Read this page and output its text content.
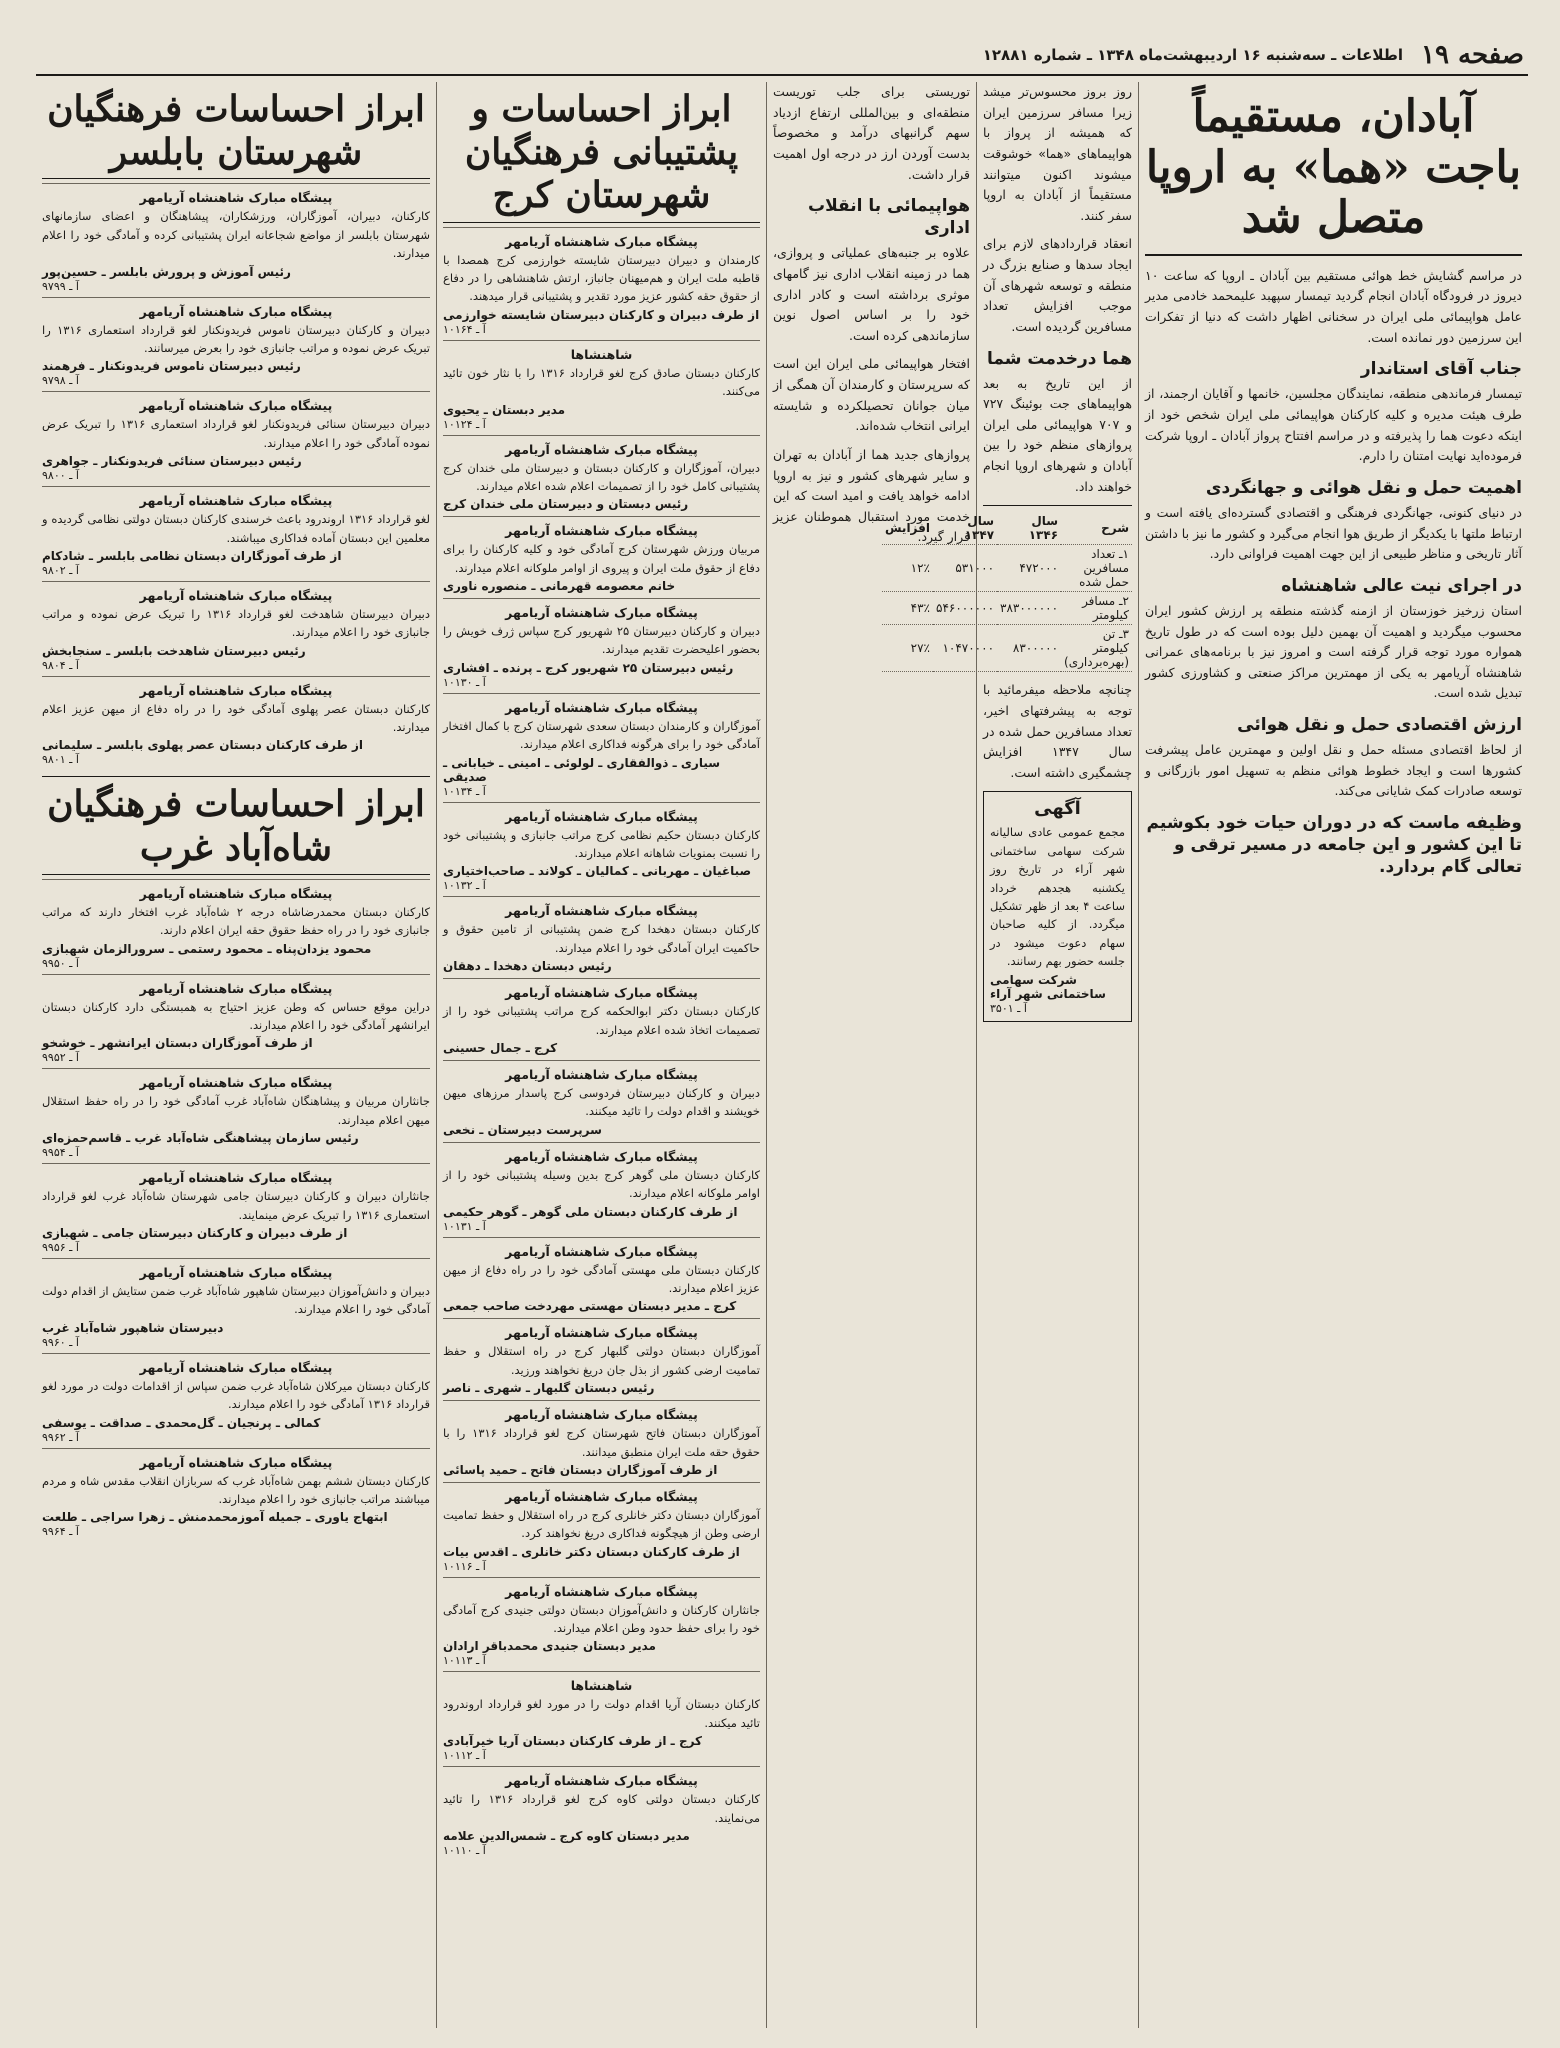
صفحه ۱۹
اطلاعات ـ سه‌شنبه ۱۶ اردیبهشت‌ماه ۱۳۴۸ ـ شماره ۱۲۸۸۱
آبادان، مستقیماً باجت «هما» به اروپا متصل شد

در مراسم گشایش خط هوائی مستقیم بین آبادان ـ اروپا که ساعت ۱۰ دیروز در فرودگاه آبادان انجام گردید تیمسار سپهبد علیمحمد خادمی مدیر عامل هواپیمائی ملی ایران در سخنانی اظهار داشت که دنیا از تفکرات این سرزمین دور نمانده است.

جناب آقای استاندار

تیمسار فرماندهی منطقه، نمایندگان مجلسین، خانمها و آقایان ارجمند، از طرف هیئت مدیره و کلیه کارکنان هواپیمائی ملی ایران شخص خود از اینکه دعوت هما را پذیرفته و در مراسم افتتاح پرواز آبادان ـ اروپا شرکت فرموده‌اید نهایت امتنان را دارم.

اهمیت حمل و نقل هوائی و جهانگردی

در دنیای کنونی، جهانگردی فرهنگی و اقتصادی گسترده‌ای یافته است و ارتباط ملتها با یکدیگر از طریق هوا انجام می‌گیرد و کشور ما نیز با داشتن آثار تاریخی و مناظر طبیعی از این جهت اهمیت فراوانی دارد.

در اجرای نیت عالی شاهنشاه

استان زرخیز خوزستان از ازمنه گذشته منطقه پر ارزش کشور ایران محسوب میگردید و اهمیت آن بهمین دلیل بوده است که در طول تاریخ همواره مورد توجه قرار گرفته است و امروز نیز با برنامه‌های عمرانی شاهنشاه آریامهر به یکی از مهمترین مراکز صنعتی و کشاورزی کشور تبدیل شده است.

ارزش اقتصادی حمل و نقل هوائی

از لحاظ اقتصادی مسئله حمل و نقل اولین و مهمترین عامل پیشرفت کشورها است و ایجاد خطوط هوائی منظم به تسهیل امور بازرگانی و توسعه صادرات کمک شایانی می‌کند.

وظیفه ماست که در دوران حیات خود بکوشیم تا این کشور و این جامعه در مسیر ترقی و تعالی گام بردارد.

روز بروز محسوس‌تر میشد زیرا مسافر سرزمین ایران که همیشه از پرواز با هواپیماهای «هما» خوشوقت میشوند اکنون میتوانند مستقیماً از آبادان به اروپا سفر کنند.

انعقاد قراردادهای لازم برای ایجاد سدها و صنایع بزرگ در منطقه و توسعه شهرهای آن موجب افزایش تعداد مسافرین گردیده است.

هما درخدمت شما

از این تاریخ به بعد هواپیماهای جت بوئینگ ۷۲۷ و ۷۰۷ هواپیمائی ملی ایران پروازهای منظم خود را بین آبادان و شهرهای اروپا انجام خواهند داد.

شرح	سال ۱۳۴۶	سال ۱۳۴۷	افزایش
۱ـ تعداد مسافرین حمل شده	۴۷۲۰۰۰	۵۳۱۰۰۰	۱۲٪
۲ـ مسافر کیلومتر	۳۸۳۰۰۰۰۰۰	۵۴۶۰۰۰۰۰۰	۴۳٪
۳ـ تن کیلومتر (بهره‌برداری)	۸۳۰۰۰۰۰	۱۰۴۷۰۰۰۰	۲۷٪

چنانچه ملاحظه میفرمائید با توجه به پیشرفتهای اخیر، تعداد مسافرین حمل شده در سال ۱۳۴۷ افزایش چشمگیری داشته است.

آگهی

مجمع عمومی عادی سالیانه شرکت سهامی ساختمانی شهر آراء در تاریخ روز یکشنبه هجدهم خرداد ساعت ۴ بعد از ظهر تشکیل میگردد. از کلیه صاحبان سهام دعوت میشود در جلسه حضور بهم رسانند.

شرکت سهامی ساختمانی شهر آراء

آ ـ ۳۵۰۱

توریستی برای جلب توریست منطقه‌ای و بین‌المللی ارتفاع ازدیاد سهم گرانبهای درآمد و مخصوصاً بدست آوردن ارز در درجه اول اهمیت قرار داشت.

هواپیمائی با انقلاب اداری

علاوه بر جنبه‌های عملیاتی و پروازی، هما در زمینه انقلاب اداری نیز گامهای موثری برداشته است و کادر اداری خود را بر اساس اصول نوین سازماندهی کرده است.

افتخار هواپیمائی ملی ایران این است که سرپرستان و کارمندان آن همگی از میان جوانان تحصیلکرده و شایسته ایرانی انتخاب شده‌اند.

پروازهای جدید هما از آبادان به تهران و سایر شهرهای کشور و نیز به اروپا ادامه خواهد یافت و امید است که این خدمت مورد استقبال هموطنان عزیز قرار گیرد.

ابراز احساسات و پشتیبانی فرهنگیان شهرستان کرج

پیشگاه مبارک شاهنشاه آریامهر

کارمندان و دبیران دبیرستان شایسته خوارزمی کرج همصدا با قاطبه ملت ایران و هم‌میهنان جانباز، ارتش شاهنشاهی را در دفاع از حقوق حقه کشور عزیز مورد تقدیر و پشتیبانی قرار میدهند.

از طرف دبیران و کارکنان دبیرستان شایسته خوارزمی

آ ـ ۱۰۱۶۴

شاهنشاها

کارکنان دبستان صادق کرج لغو قرارداد ۱۳۱۶ را با نثار خون تائید می‌کنند.

مدیر دبستان ـ یحیوی

آ ـ ۱۰۱۲۴

پیشگاه مبارک شاهنشاه آریامهر

دبیران، آموزگاران و کارکنان دبستان و دبیرستان ملی خندان کرج پشتیبانی کامل خود را از تصمیمات اعلام شده اعلام میدارند.

رئیس دبستان و دبیرستان ملی خندان کرج

پیشگاه مبارک شاهنشاه آریامهر

مربیان ورزش شهرستان کرج آمادگی خود و کلیه کارکنان را برای دفاع از حقوق ملت ایران و پیروی از اوامر ملوکانه اعلام میدارند.

خانم معصومه قهرمانی ـ منصوره ناوری

پیشگاه مبارک شاهنشاه آریامهر

دبیران و کارکنان دبیرستان ۲۵ شهریور کرج سپاس ژرف خویش را بحضور اعلیحضرت تقدیم میدارند.

رئیس دبیرستان ۲۵ شهریور کرج ـ پرنده ـ افشاری

آ ـ ۱۰۱۳۰

پیشگاه مبارک شاهنشاه آریامهر

آموزگاران و کارمندان دبستان سعدی شهرستان کرج با کمال افتخار آمادگی خود را برای هرگونه فداکاری اعلام میدارند.

سیاری ـ ذوالفقاری ـ لولوئی ـ امینی ـ خیابانی ـ صدیقی

آ ـ ۱۰۱۳۴

پیشگاه مبارک شاهنشاه آریامهر

کارکنان دبستان حکیم نظامی کرج مراتب جانبازی و پشتیبانی خود را نسبت بمنویات شاهانه اعلام میدارند.

صباغیان ـ مهربانی ـ کمالیان ـ کولاند ـ صاحب‌اختیاری

آ ـ ۱۰۱۳۲

پیشگاه مبارک شاهنشاه آریامهر

کارکنان دبستان دهخدا کرج ضمن پشتیبانی از تامین حقوق و حاکمیت ایران آمادگی خود را اعلام میدارند.

رئیس دبستان دهخدا ـ دهقان

پیشگاه مبارک شاهنشاه آریامهر

کارکنان دبستان دکتر ابوالحکمه کرج مراتب پشتیبانی خود را از تصمیمات اتخاذ شده اعلام میدارند.

کرج ـ جمال حسینی

پیشگاه مبارک شاهنشاه آریامهر

دبیران و کارکنان دبیرستان فردوسی کرج پاسدار مرزهای میهن خویشند و اقدام دولت را تائید میکنند.

سرپرست دبیرستان ـ نخعی

پیشگاه مبارک شاهنشاه آریامهر

کارکنان دبستان ملی گوهر کرج بدین وسیله پشتیبانی خود را از اوامر ملوکانه اعلام میدارند.

از طرف کارکنان دبستان ملی گوهر ـ گوهر حکیمی

آ ـ ۱۰۱۳۱

پیشگاه مبارک شاهنشاه آریامهر

کارکنان دبستان ملی مهستی آمادگی خود را در راه دفاع از میهن عزیز اعلام میدارند.

کرج ـ مدیر دبستان مهستی مهردخت صاحب جمعی

پیشگاه مبارک شاهنشاه آریامهر

آموزگاران دبستان دولتی گلبهار کرج در راه استقلال و حفظ تمامیت ارضی کشور از بذل جان دریغ نخواهند ورزید.

رئیس دبستان گلبهار ـ شهری ـ ناصر

پیشگاه مبارک شاهنشاه آریامهر

آموزگاران دبستان فاتح شهرستان کرج لغو قرارداد ۱۳۱۶ را با حقوق حقه ملت ایران منطبق میدانند.

از طرف آموزگاران دبستان فاتح ـ حمید پاسائی

پیشگاه مبارک شاهنشاه آریامهر

آموزگاران دبستان دکتر خانلری کرج در راه استقلال و حفظ تمامیت ارضی وطن از هیچگونه فداکاری دریغ نخواهند کرد.

از طرف کارکنان دبستان دکتر خانلری ـ اقدس بیات

آ ـ ۱۰۱۱۶

پیشگاه مبارک شاهنشاه آریامهر

جانثاران کارکنان و دانش‌آموزان دبستان دولتی جنیدی کرج آمادگی خود را برای حفظ حدود وطن اعلام میدارند.

مدیر دبستان جنیدی محمدباقر ارادان

آ ـ ۱۰۱۱۳

شاهنشاها

کارکنان دبستان آریا اقدام دولت را در مورد لغو قرارداد اروندرود تائید میکنند.

کرج ـ از طرف کارکنان دبستان آریا خیرآبادی

آ ـ ۱۰۱۱۲

پیشگاه مبارک شاهنشاه آریامهر

کارکنان دبستان دولتی کاوه کرج لغو قرارداد ۱۳۱۶ را تائید می‌نمایند.

مدیر دبستان کاوه کرج ـ شمس‌الدین علامه

آ ـ ۱۰۱۱۰

ابراز احساسات فرهنگیان شهرستان بابلسر

پیشگاه مبارک شاهنشاه آریامهر

کارکنان، دبیران، آموزگاران، ورزشکاران، پیشاهنگان و اعضای سازمانهای شهرستان بابلسر از مواضع شجاعانه ایران پشتیبانی کرده و آمادگی خود را اعلام میدارند.

رئیس آموزش و پرورش بابلسر ـ حسین‌پور

آ ـ ۹۷۹۹

پیشگاه مبارک شاهنشاه آریامهر

دبیران و کارکنان دبیرستان ناموس فریدونکنار لغو قرارداد استعماری ۱۳۱۶ را تبریک عرض نموده و مراتب جانبازی خود را بعرض میرسانند.

رئیس دبیرستان ناموس فریدونکنار ـ فرهمند

آ ـ ۹۷۹۸

پیشگاه مبارک شاهنشاه آریامهر

دبیران دبیرستان سنائی فریدونکنار لغو قرارداد استعماری ۱۳۱۶ را تبریک عرض نموده آمادگی خود را اعلام میدارند.

رئیس دبیرستان سنائی فریدونکنار ـ جواهری

آ ـ ۹۸۰۰

پیشگاه مبارک شاهنشاه آریامهر

لغو قرارداد ۱۳۱۶ اروندرود باعث خرسندی کارکنان دبستان دولتی نظامی گردیده و معلمین این دبستان آماده فداکاری میباشند.

از طرف آموزگاران دبستان نظامی بابلسر ـ شادکام

آ ـ ۹۸۰۲

پیشگاه مبارک شاهنشاه آریامهر

دبیران دبیرستان شاهدخت لغو قرارداد ۱۳۱۶ را تبریک عرض نموده و مراتب جانبازی خود را اعلام میدارند.

رئیس دبیرستان شاهدخت بابلسر ـ سنجابخش

آ ـ ۹۸۰۴

پیشگاه مبارک شاهنشاه آریامهر

کارکنان دبستان عصر پهلوی آمادگی خود را در راه دفاع از میهن عزیز اعلام میدارند.

از طرف کارکنان دبستان عصر پهلوی بابلسر ـ سلیمانی

آ ـ ۹۸۰۱

ابراز احساسات فرهنگیان شاه‌آباد غرب

پیشگاه مبارک شاهنشاه آریامهر

کارکنان دبستان محمدرضاشاه درجه ۲ شاه‌آباد غرب افتخار دارند که مراتب جانبازی خود را در راه حفظ حقوق حقه ایران اعلام دارند.

محمود یزدان‌پناه ـ محمود رستمی ـ سرورالزمان شهبازی

آ ـ ۹۹۵۰

پیشگاه مبارک شاهنشاه آریامهر

دراین موقع حساس که وطن عزیز احتیاج به همبستگی دارد کارکنان دبستان ایرانشهر آمادگی خود را اعلام میدارند.

از طرف آموزگاران دبستان ایرانشهر ـ خوشخو

آ ـ ۹۹۵۲

پیشگاه مبارک شاهنشاه آریامهر

جانثاران مربیان و پیشاهنگان شاه‌آباد غرب آمادگی خود را در راه حفظ استقلال میهن اعلام میدارند.

رئیس سازمان پیشاهنگی شاه‌آباد غرب ـ قاسم‌حمزه‌ای

آ ـ ۹۹۵۴

پیشگاه مبارک شاهنشاه آریامهر

جانثاران دبیران و کارکنان دبیرستان جامی شهرستان شاه‌آباد غرب لغو قرارداد استعماری ۱۳۱۶ را تبریک عرض مینمایند.

از طرف دبیران و کارکنان دبیرستان جامی ـ شهبازی

آ ـ ۹۹۵۶

پیشگاه مبارک شاهنشاه آریامهر

دبیران و دانش‌آموزان دبیرستان شاهپور شاه‌آباد غرب ضمن ستایش از اقدام دولت آمادگی خود را اعلام میدارند.

دبیرستان شاهپور شاه‌آباد غرب

آ ـ ۹۹۶۰

پیشگاه مبارک شاهنشاه آریامهر

کارکنان دبستان میرکلان شاه‌آباد غرب ضمن سپاس از اقدامات دولت در مورد لغو قرارداد ۱۳۱۶ آمادگی خود را اعلام میدارند.

کمالی ـ پرنجیان ـ گل‌محمدی ـ صداقت ـ یوسفی

آ ـ ۹۹۶۲

پیشگاه مبارک شاهنشاه آریامهر

کارکنان دبستان ششم بهمن شاه‌آباد غرب که سربازان انقلاب مقدس شاه و مردم میباشند مراتب جانبازی خود را اعلام میدارند.

ابتهاج یاوری ـ جمیله آموزمحمدمنش ـ زهرا سراجی ـ طلعت

آ ـ ۹۹۶۴
